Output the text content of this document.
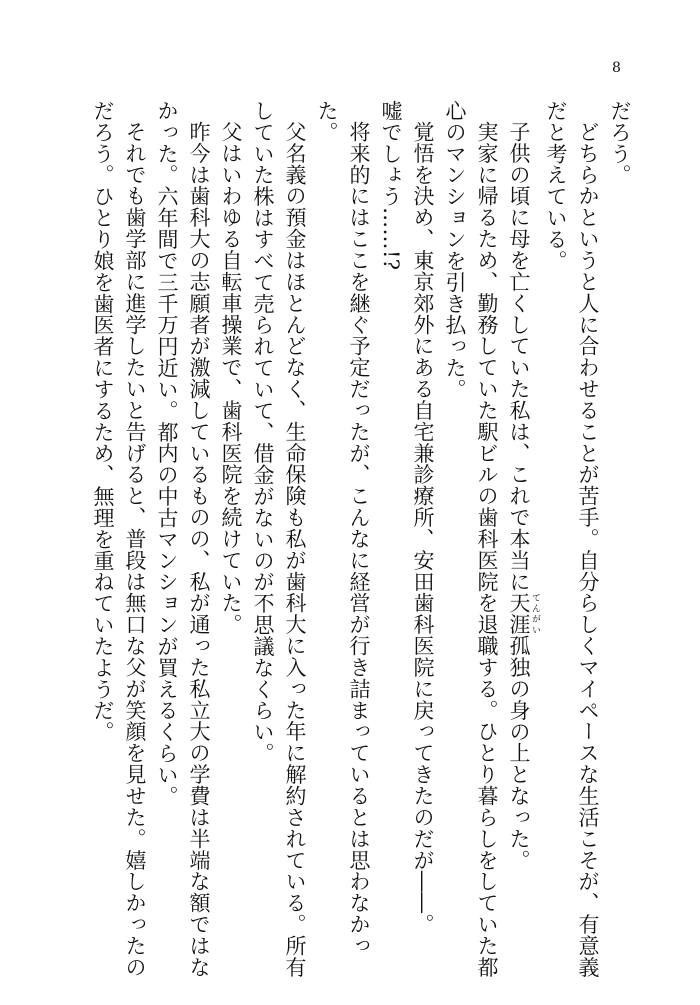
8

だろう。

どちらかというと人に合わせることが苦手。自分らしくマイペースな生活こそが、有意義だと考えている。

子供の頃に母を亡くしていた私は、これで本当に天涯 てんがい孤独の身の上となった。

実家に帰るため、勤務していた駅ビルの歯科医院を退職する。ひとり暮らしをしていた都心のマンションを引き払った。

覚悟を決め、東京郊外にある自宅兼診療所、安田歯科医院に戻ってきたのだが――。

嘘でしょう……!?

将来的にはここを継ぐ予定だったが、こんなに経営が行き詰まっているとは思わなかった。

父名義の預金はほとんどなく、生命保険も私が歯科大に入った年に解約されている。所有していた株はすべて売られていて、借金がないのが不思議なくらい。

父はいわゆる自転車操業で、歯科医院を続けていた。

昨今は歯科大の志願者が激減しているものの、私が通った私立大の学費は半端な額ではなかった。六年間で三千万円近い。都内の中古マンションが買えるくらい。

それでも歯学部に進学したいと告げると、普段は無口な父が笑顔を見せた。嬉しかったのだろう。ひとり娘を歯医者にするため、無理を重ねていたようだ。
